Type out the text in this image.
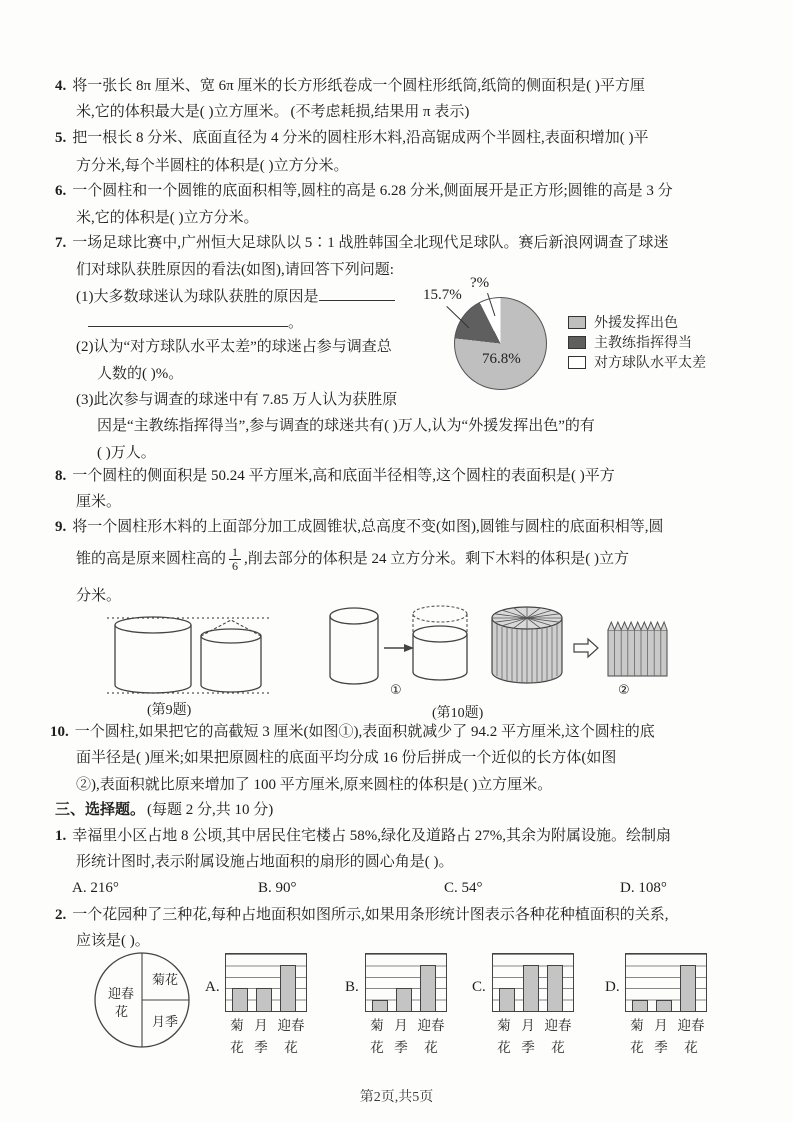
4. 将一张长 8π 厘米、宽 6π 厘米的长方形纸卷成一个圆柱形纸筒,纸筒的侧面积是( )平方厘
米,它的体积最大是( )立方厘米。 (不考虑耗损,结果用 π 表示)
5. 把一根长 8 分米、底面直径为 4 分米的圆柱形木料,沿高锯成两个半圆柱,表面积增加( )平
方分米,每个半圆柱的体积是( )立方分米。
6. 一个圆柱和一个圆锥的底面积相等,圆柱的高是 6.28 分米,侧面展开是正方形;圆锥的高是 3 分
米,它的体积是( )立方分米。
7. 一场足球比赛中,广州恒大足球队以 5∶1 战胜韩国全北现代足球队。赛后新浪网调查了球迷
们对球队获胜原因的看法(如图),请回答下列问题:
(1)大多数球迷认为球队获胜的原因是
。
(2)认为“对方球队水平太差”的球迷占参与调查总
人数的( )%。
(3)此次参与调查的球迷中有 7.85 万人认为获胜原
因是“主教练指挥得当”,参与调查的球迷共有( )万人,认为“外援发挥出色”的有
( )万人。
76.8%
15.7%
?%
外援发挥出色
主教练指挥得当
对方球队水平太差
8. 一个圆柱的侧面积是 50.24 平方厘米,高和底面半径相等,这个圆柱的表面积是( )平方
厘米。
9. 将一个圆柱形木料的上面部分加工成圆锥状,总高度不变(如图),圆锥与圆柱的底面积相等,圆
锥的高是原来圆柱高的 $\frac{1}{6}$ ,削去部分的体积是 24 立方分米。剩下木料的体积是( )立方
分米。
(第9题)
①	②
(第10题)
10. 一个圆柱,如果把它的高截短 3 厘米(如图①),表面积就减少了 94.2 平方厘米,这个圆柱的底
面半径是( )厘米;如果把原圆柱的底面平均分成 16 份后拼成一个近似的长方体(如图
②),表面积就比原来增加了 100 平方厘米,原来圆柱的体积是( )立方厘米。
三、选择题。 (每题 2 分,共 10 分)
1. 幸福里小区占地 8 公顷,其中居民住宅楼占 58%,绿化及道路占 27%,其余为附属设施。绘制扇
形统计图时,表示附属设施占地面积的扇形的圆心角是( )。
A. 216°	B. 90°	C. 54°	D. 108°
2. 一个花园种了三种花,每种占地面积如图所示,如果用条形统计图表示各种花种植面积的关系,
应该是( )。
菊花
月季
迎春
花
A.
菊
花
月
季
迎春
花
B.
菊
花
月
季
迎春
花
C.
菊
花
月
季
迎春
花
D.
菊
花
月
季
迎春
花
第2页,共5页
